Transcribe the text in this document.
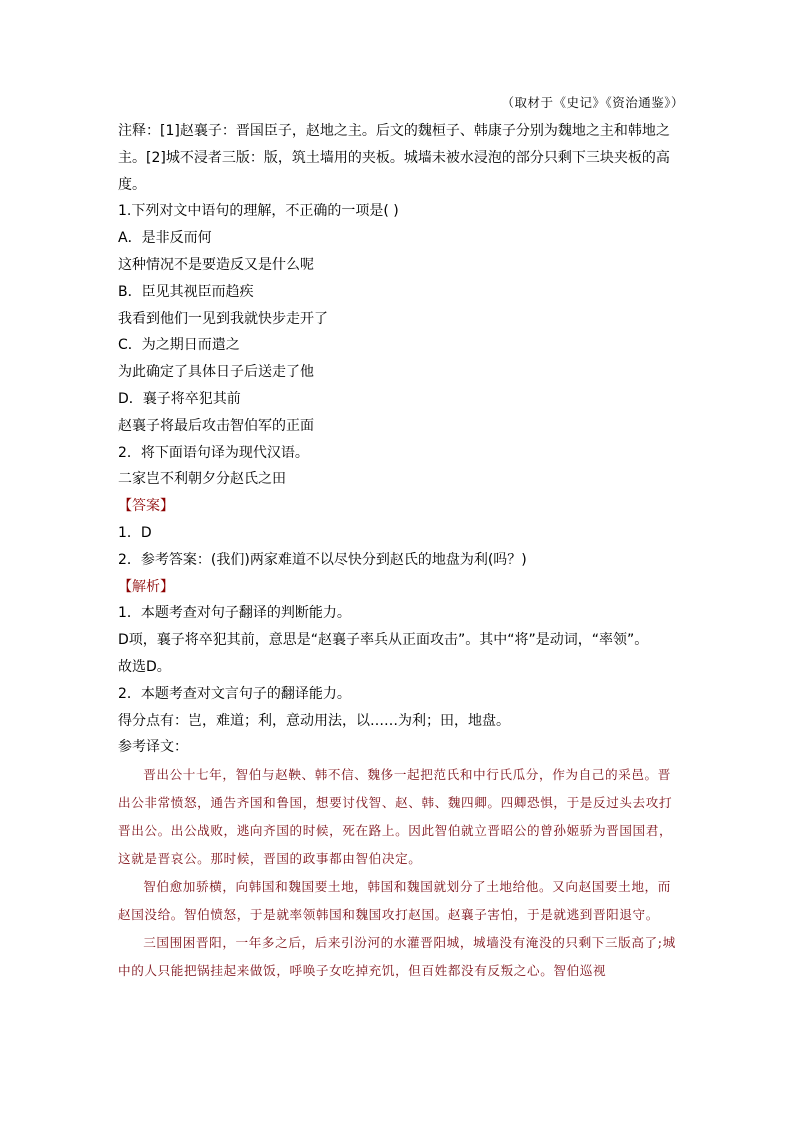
（取材于《史记》《资治通鉴》）

注释：[1]赵襄子：晋国臣子，赵地之主。后文的魏桓子、韩康子分别为魏地之主和韩地之

主。[2]城不浸者三版：版，筑土墙用的夹板。城墙未被水浸泡的部分只剩下三块夹板的高

度。

1.下列对文中语句的理解，不正确的一项是( )

A．是非反而何

这种情况不是要造反又是什么呢

B．臣见其视臣而趋疾

我看到他们一见到我就快步走开了

C．为之期日而遣之

为此确定了具体日子后送走了他

D．襄子将卒犯其前

赵襄子将最后攻击智伯军的正面

2．将下面语句译为现代汉语。

二家岂不利朝夕分赵氏之田

【答案】

1．D

2．参考答案：(我们)两家难道不以尽快分到赵氏的地盘为利(吗？)

【解析】

1．本题考查对句子翻译的判断能力。

D项，襄子将卒犯其前，意思是“赵襄子率兵从正面攻击”。其中“将”是动词，“率领”。

故选D。

2．本题考查对文言句子的翻译能力。

得分点有：岂，难道；利，意动用法，以……为利；田，地盘。

参考译文：

晋出公十七年，智伯与赵鞅、韩不信、魏侈一起把范氏和中行氏瓜分，作为自己的采邑。晋出公非常愤怒，通告齐国和鲁国，想要讨伐智、赵、韩、魏四卿。四卿恐惧，于是反过头去攻打晋出公。出公战败，逃向齐国的时候，死在路上。因此智伯就立晋昭公的曾孙姬骄为晋国国君，这就是晋哀公。那时候，晋国的政事都由智伯决定。

智伯愈加骄横，向韩国和魏国要土地，韩国和魏国就划分了土地给他。又向赵国要土地，而赵国没给。智伯愤怒，于是就率领韩国和魏国攻打赵国。赵襄子害怕，于是就逃到晋阳退守。

三国围困晋阳，一年多之后，后来引汾河的水灌晋阳城，城墙没有淹没的只剩下三版高了;城中的人只能把锅挂起来做饭，呼唤子女吃掉充饥，但百姓都没有反叛之心。智伯巡视
